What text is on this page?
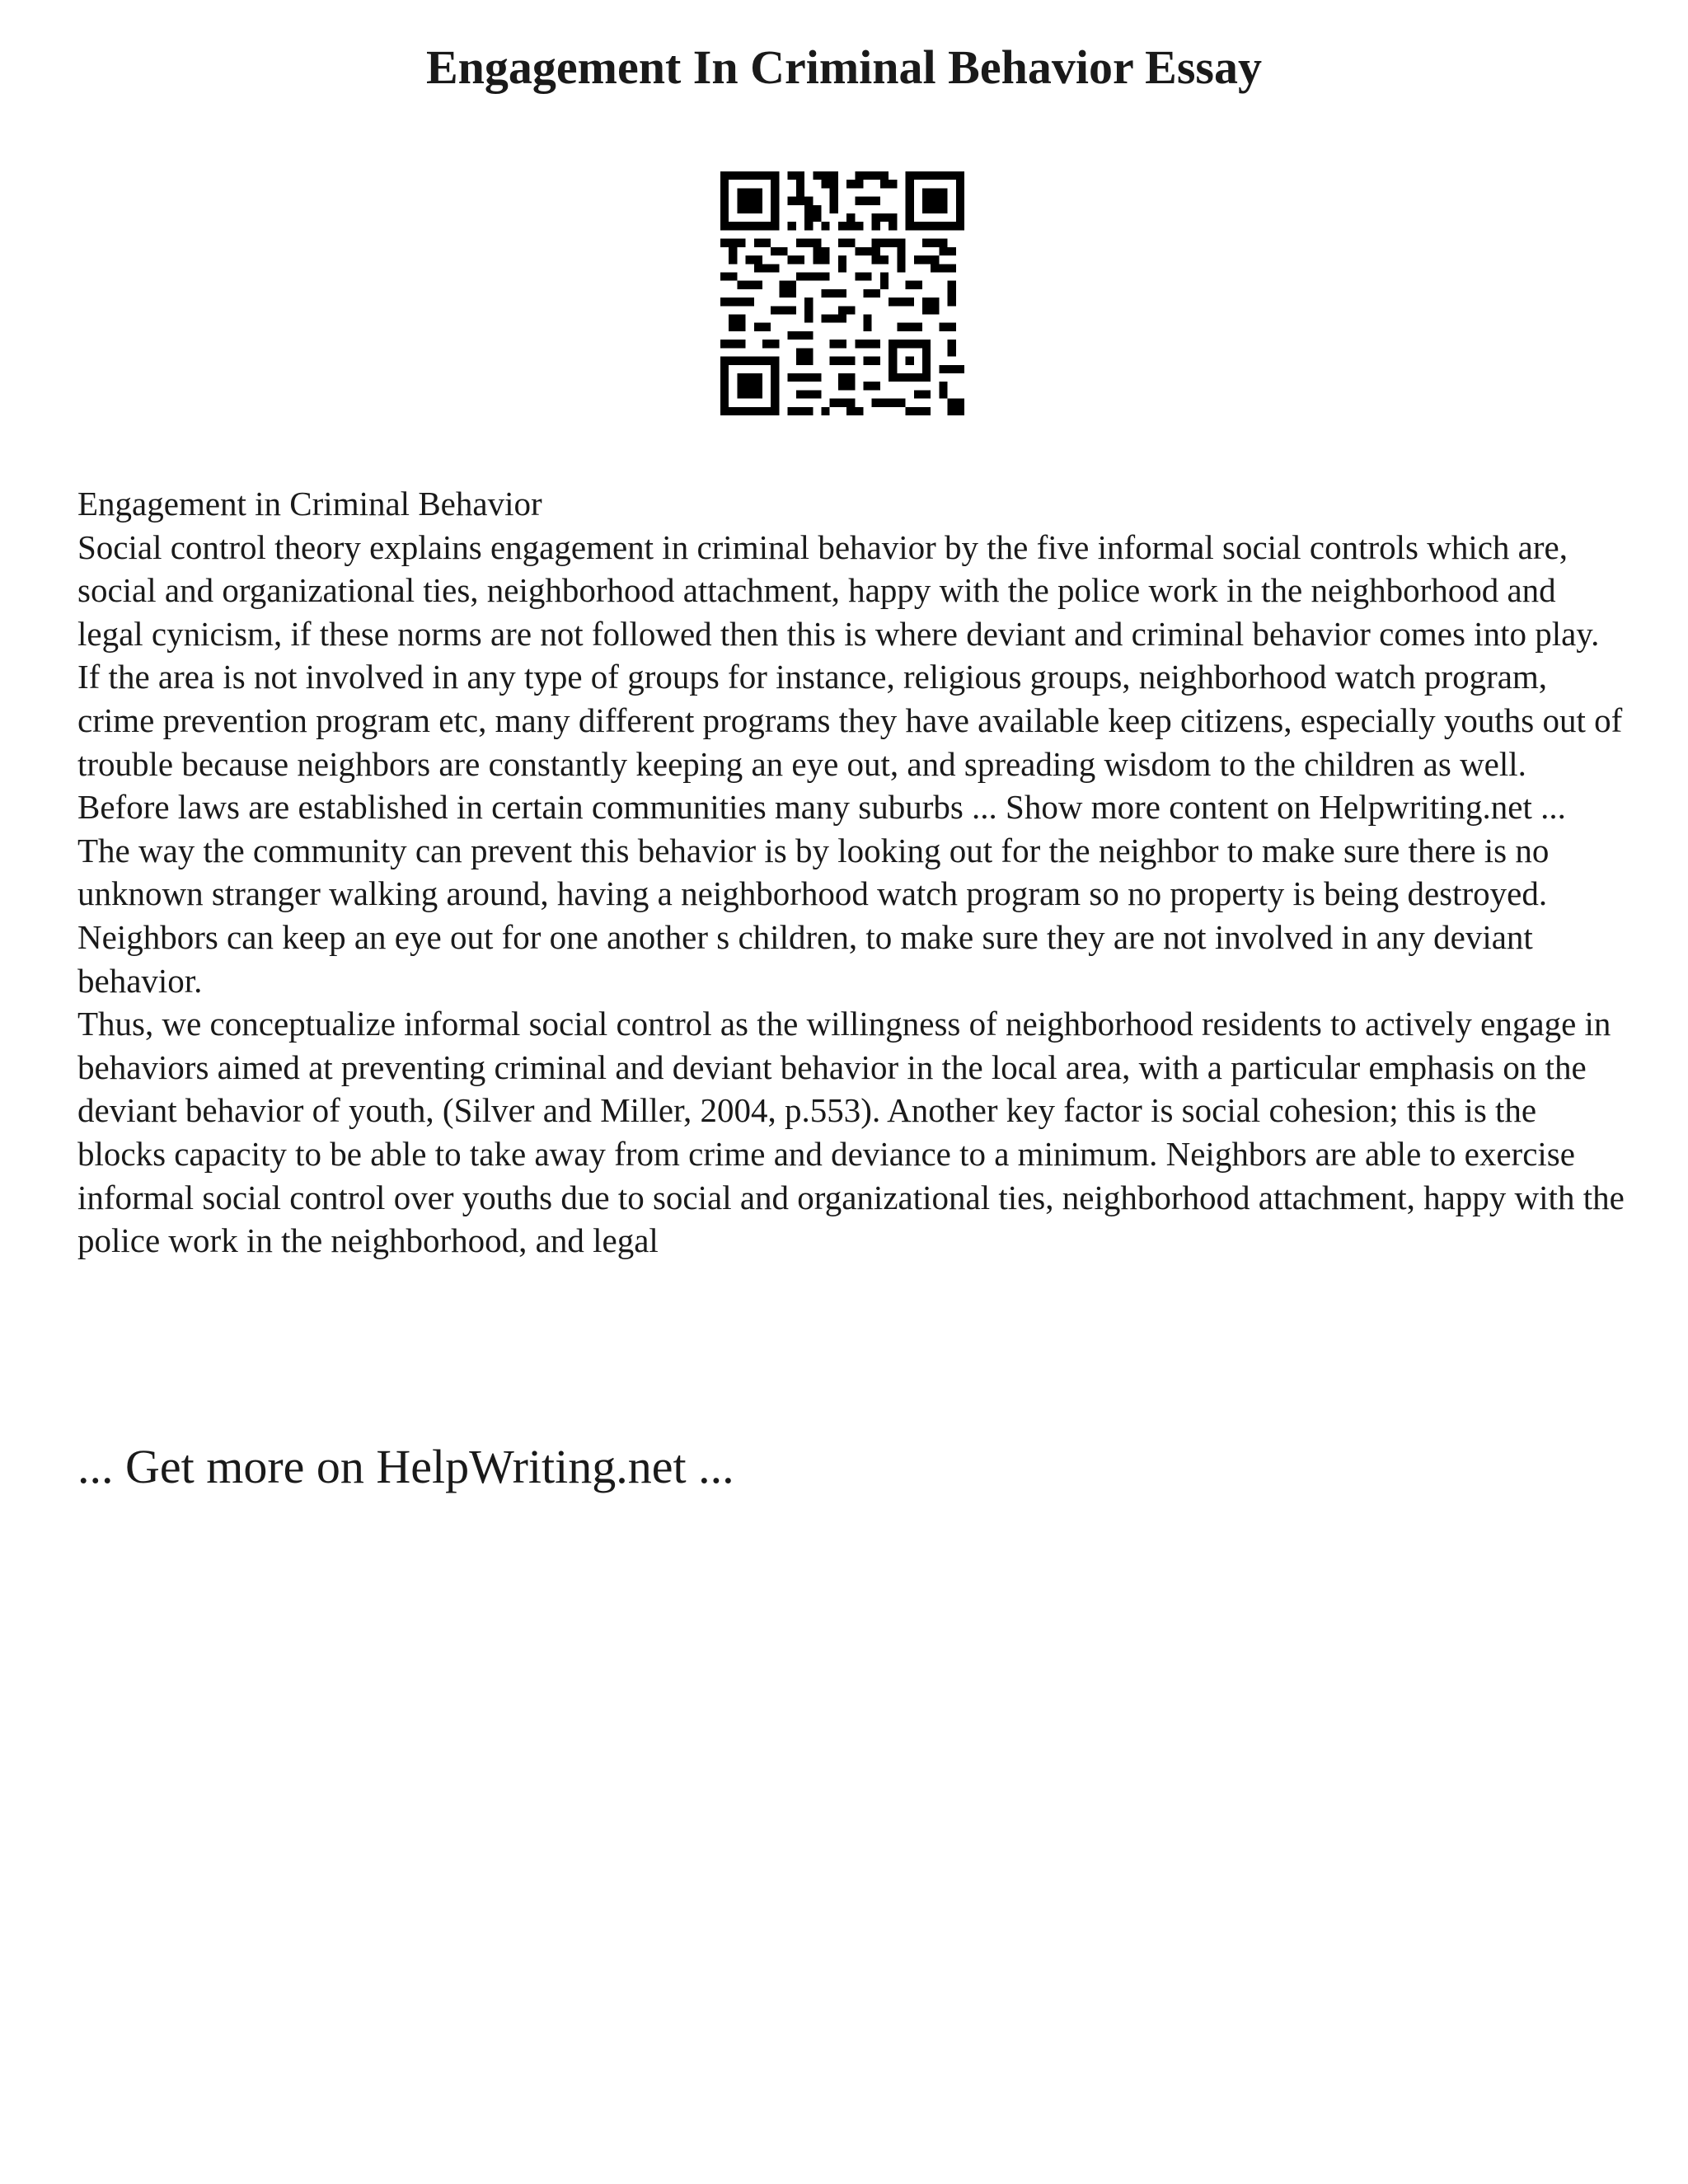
Engagement In Criminal Behavior Essay

Engagement in Criminal Behavior

Social control theory explains engagement in criminal behavior by the five informal social controls which are, social and organizational ties, neighborhood attachment, happy with the police work in the neighborhood and legal cynicism, if these norms are not followed then this is where deviant and criminal behavior comes into play. If the area is not involved in any type of groups for instance, religious groups, neighborhood watch program, crime prevention program etc, many different programs they have available keep citizens, especially youths out of trouble because neighbors are constantly keeping an eye out, and spreading wisdom to the children as well.

Before laws are established in certain communities many suburbs ... Show more content on Helpwriting.net ...

The way the community can prevent this behavior is by looking out for the neighbor to make sure there is no unknown stranger walking around, having a neighborhood watch program so no property is being destroyed. Neighbors can keep an eye out for one another s children, to make sure they are not involved in any deviant behavior.

Thus, we conceptualize informal social control as the willingness of neighborhood residents to actively engage in behaviors aimed at preventing criminal and deviant behavior in the local area, with a particular emphasis on the deviant behavior of youth, (Silver and Miller, 2004, p.553). Another key factor is social cohesion; this is the blocks capacity to be able to take away from crime and deviance to a minimum. Neighbors are able to exercise informal social control over youths due to social and organizational ties, neighborhood attachment, happy with the police work in the neighborhood, and legal

... Get more on HelpWriting.net ...
